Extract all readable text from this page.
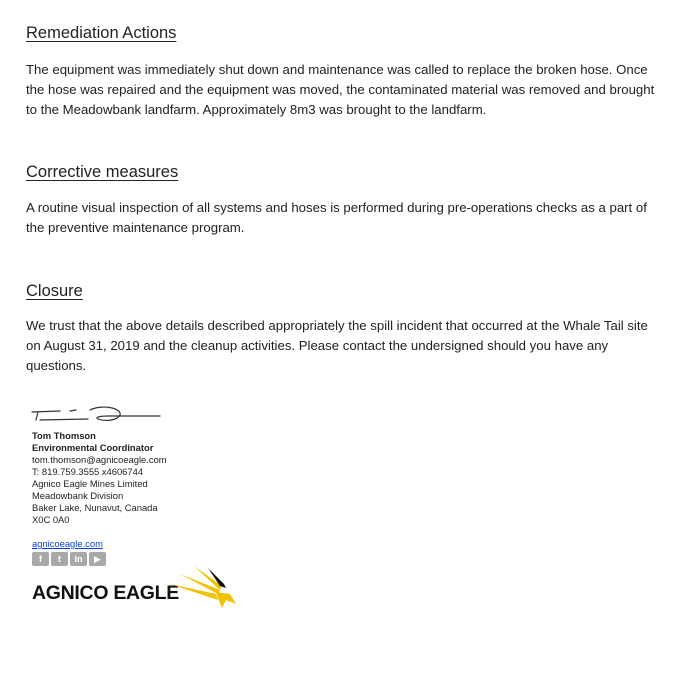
Remediation Actions

The equipment was immediately shut down and maintenance was called to replace the broken hose. Once the hose was repaired and the equipment was moved, the contaminated material was removed and brought to the Meadowbank landfarm. Approximately 8m3 was brought to the landfarm.

Corrective measures

A routine visual inspection of all systems and hoses is performed during pre-operations checks as a part of the preventive maintenance program.

Closure

We trust that the above details described appropriately the spill incident that occurred at the Whale Tail site on August 31, 2019 and the cleanup activities. Please contact the undersigned should you have any questions.

Tom Thomson
Environmental Coordinator
tom.thomson@agnicoeagle.com
T: 819.759.3555 x4606744
Agnico Eagle Mines Limited
Meadowbank Division
Baker Lake, Nunavut, Canada
X0C 0A0
agnicoeagle.com
f	t	in	▶
AGNICO EAGLE
